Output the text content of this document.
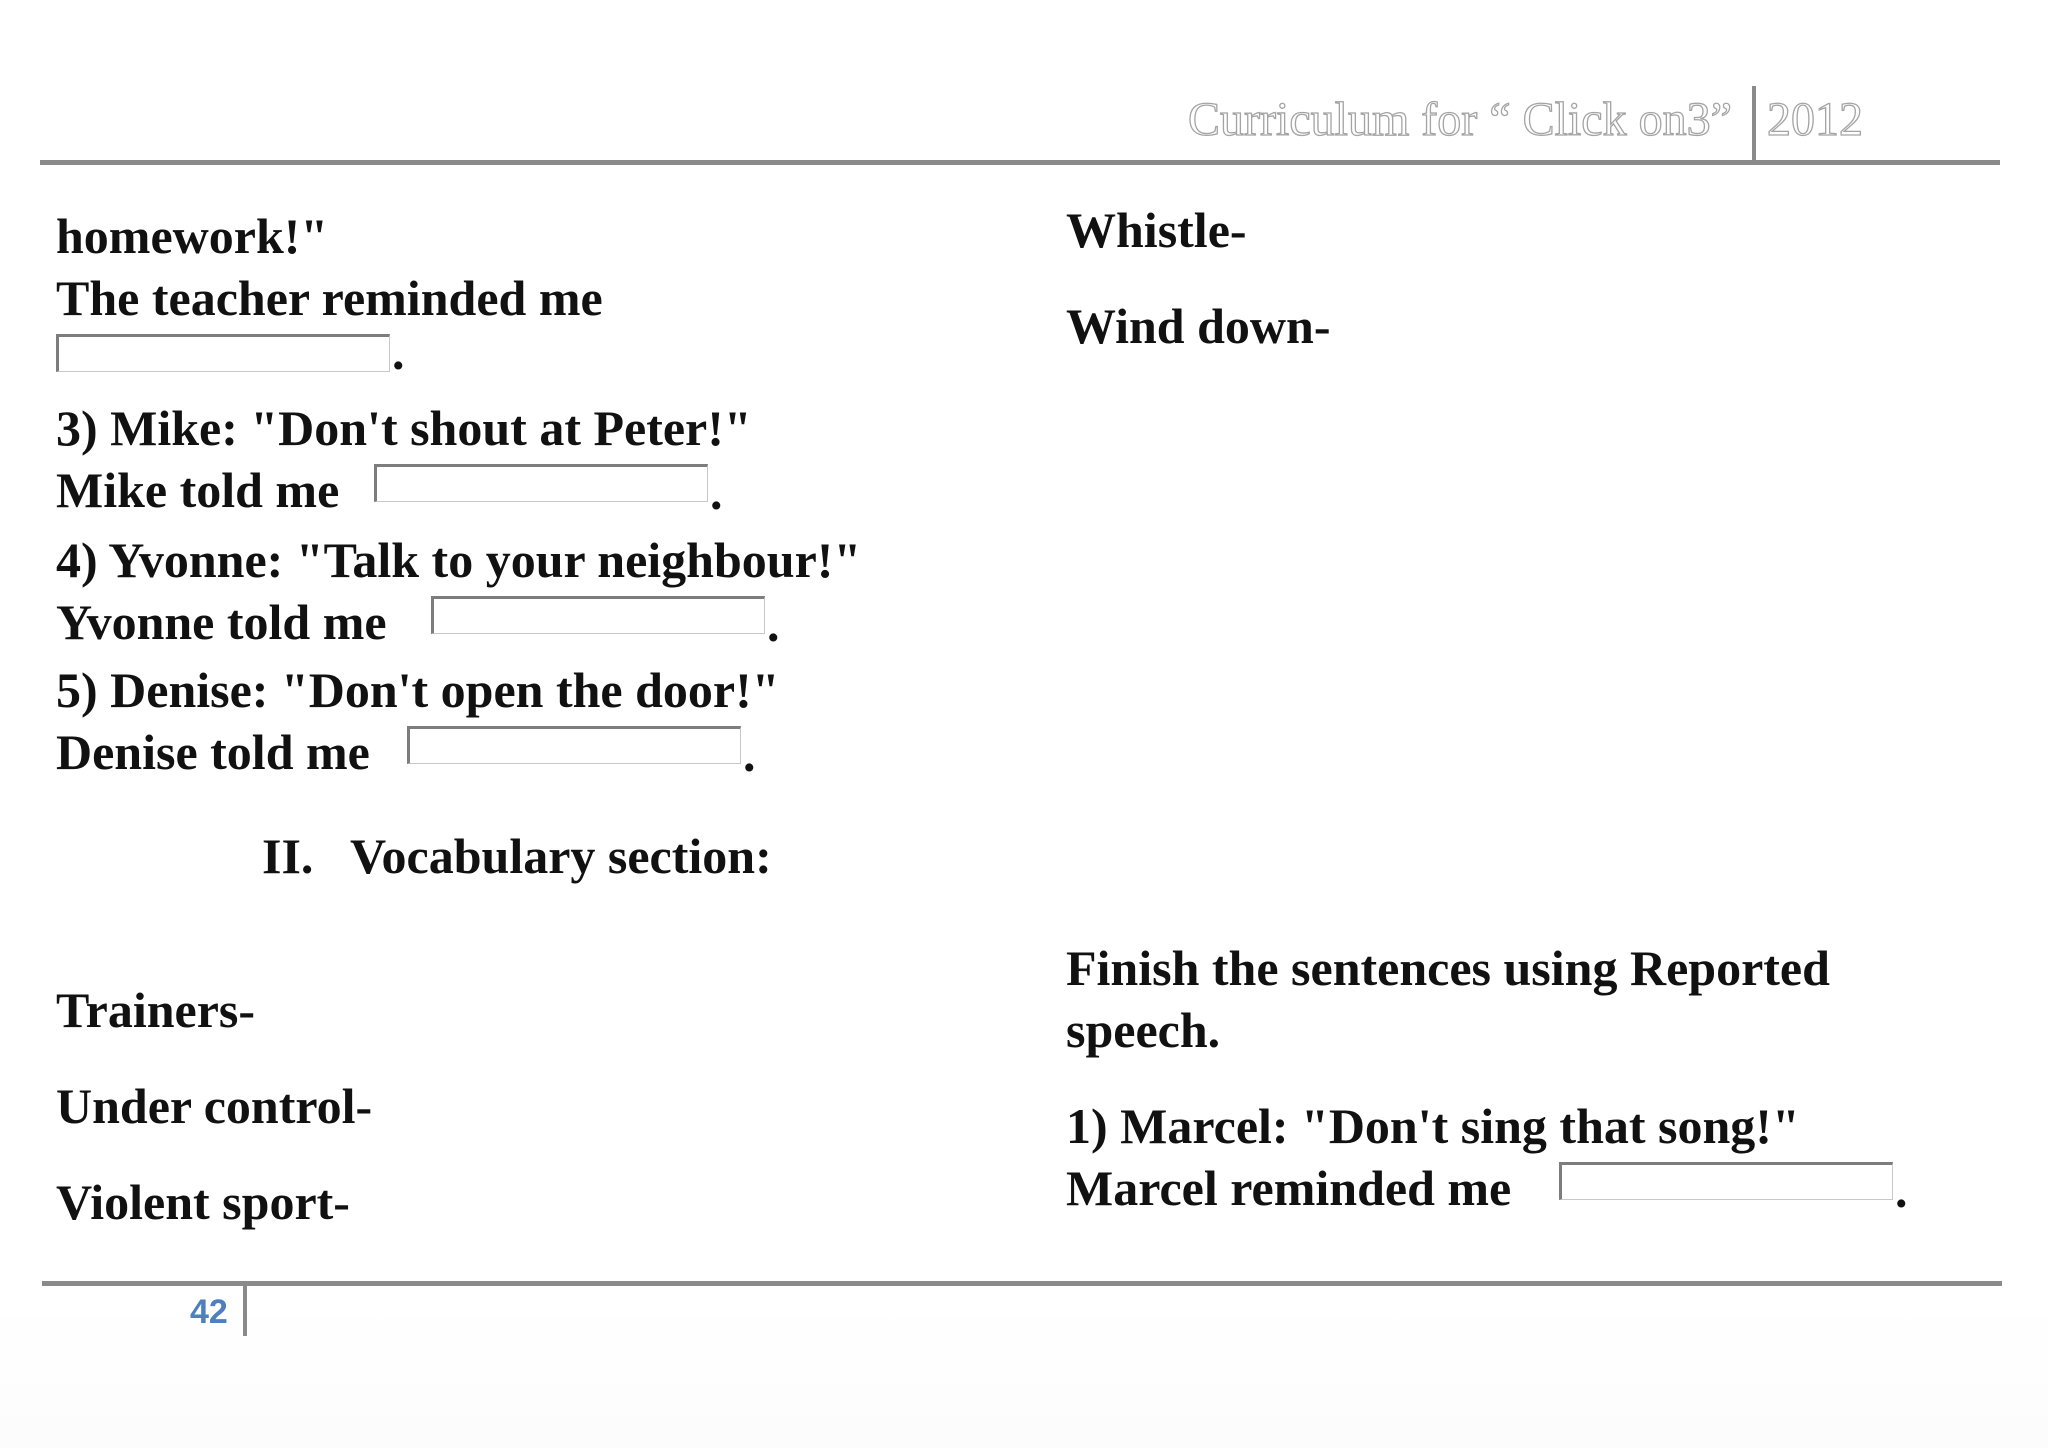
Curriculum for “ Click on3” 2012
homework!"
The teacher reminded me
.
3) Mike: "Don't shout at Peter!"
Mike told me	.
4) Yvonne: "Talk to your neighbour!"
Yvonne told me	.
5) Denise: "Don't open the door!"
Denise told me	.
II. Vocabulary section:
Trainers-
Under control-
Violent sport-
Whistle-
Wind down-
Finish the sentences using Reported
speech.
1) Marcel: "Don't sing that song!"
Marcel reminded me	.
42
